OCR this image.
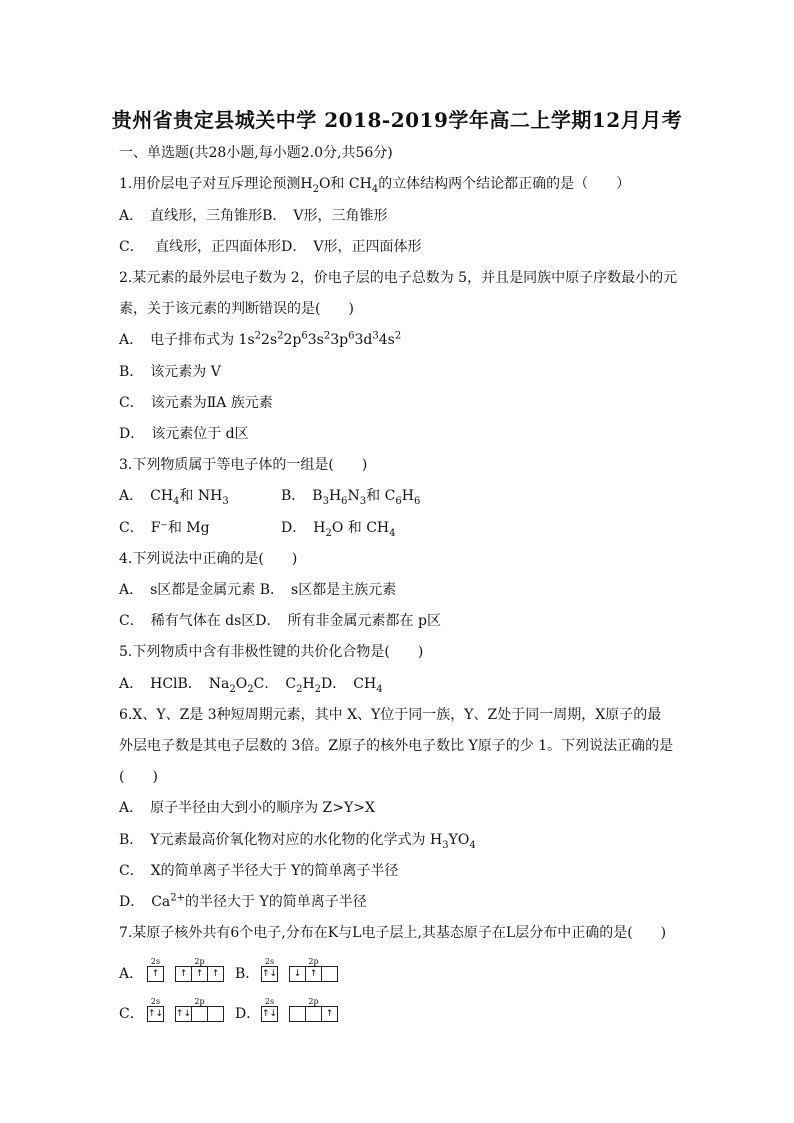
贵州省贵定县城关中学 2018-2019学年高二上学期12月月考
一、单选题(共28小题,每小题2.0分,共56分)
1.用价层电子对互斥理论预测$H_2O$和 $CH_4$的立体结构两个结论都正确的是（　　）
A．　直线形，三角锥形B．　V形，三角锥形
C．　 直线形，正四面体形D．　V形，正四面体形
2.某元素的最外层电子数为 2，价电子层的电子总数为 5，并且是同族中原子序数最小的元
素，关于该元素的判断错误的是(　　)
A．　电子排布式为 $1s^22s^22p^63s^23p^63d^34s^2$
B．　该元素为 V
C．　该元素为ⅡA 族元素
D．　该元素位于 d区
3.下列物质属于等电子体的一组是(　　)
A．　$CH_4$和 $NH_3$	B．　$B_3H_6N_3$和 $C_6H_6$
C．　F⁻和 Mg	D．　$H_2O$ 和 $CH_4$
4.下列说法中正确的是(　　)
A．　s区都是金属元素 B．　s区都是主族元素
C．　稀有气体在 ds区D．　所有非金属元素都在 p区
5.下列物质中含有非极性键的共价化合物是(　　)
A．　HClB．　$Na_2O_2C$．　$C_2H_2D$．　$CH_4$
6.X、Y、Z是 3种短周期元素，其中 X、Y位于同一族，Y、Z处于同一周期，X原子的最
外层电子数是其电子层数的 3倍。Z原子的核外电子数比 Y原子的少 1。下列说法正确的是
(　　)
A．　原子半径由大到小的顺序为 Z>Y>X
B．　Y元素最高价氧化物对应的水化物的化学式为 $H_3YO_4$
C．　X的简单离子半径大于 Y的简单离子半径
D．　$Ca^{2+}$的半径大于 Y的简单离子半径
7.某原子核外共有6个电子,分布在K与L电子层上,其基态原子在L层分布中正确的是(　　)
A．
2s
↑
2p
↑ ↑ ↑	B．
2s
↑↓
2p
↓ ↑
C．
2s
↑↓
2p
↑↓	D．
2s
↑↓
2p
↑
